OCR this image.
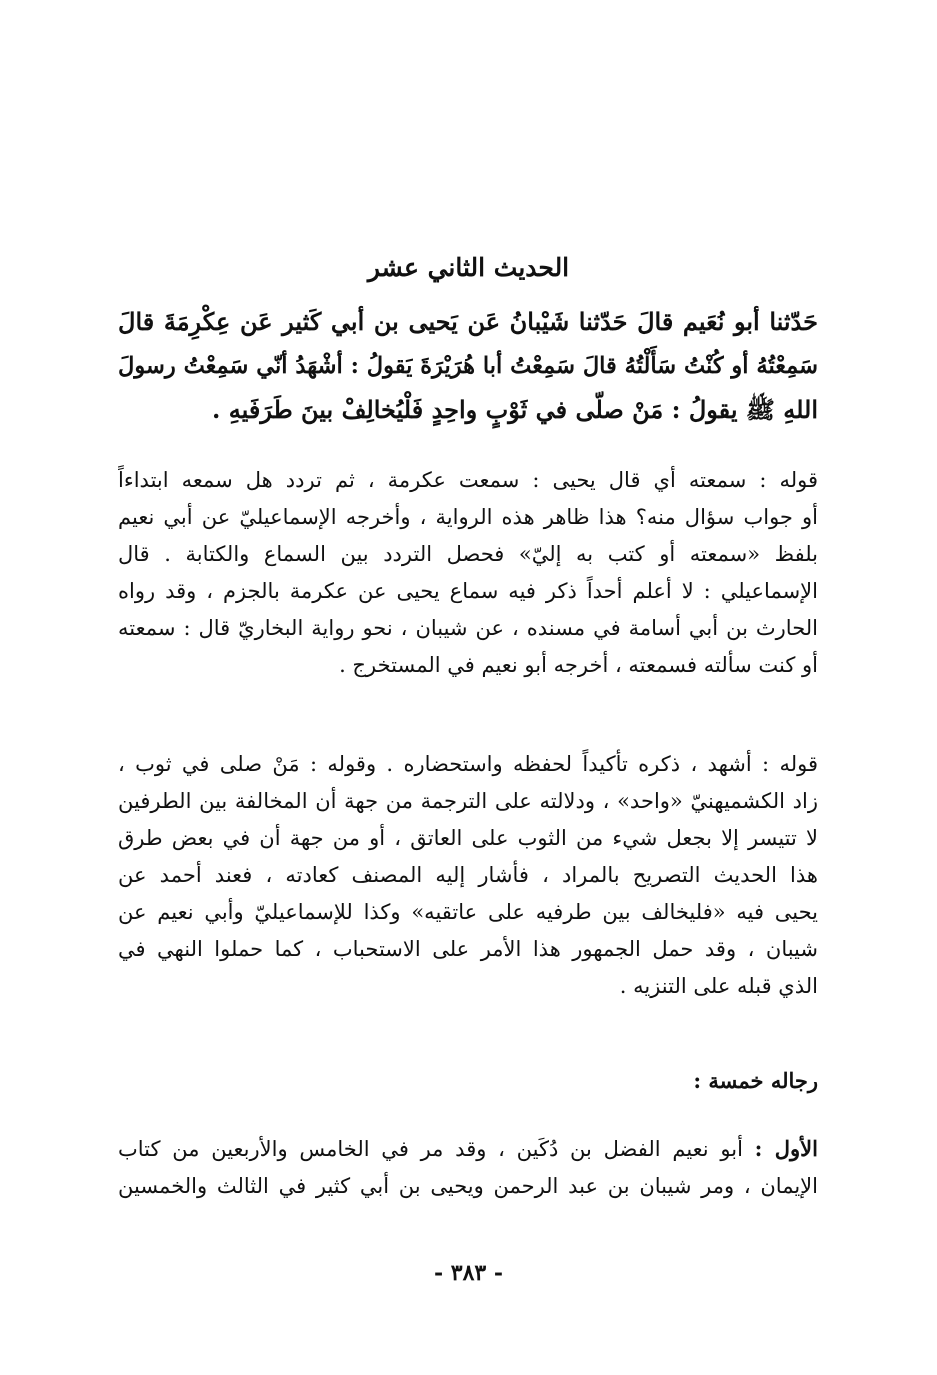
الحديث الثاني عشر
حَدّثنا أبو نُعَيم قالَ حَدّثنا شَيْبانُ عَن يَحيى بن أبي كَثير عَن عِكْرِمَةَ قالَ
سَمِعْتُهُ أو كُنْتُ سَأَلْتُهُ قالَ سَمِعْتُ أبا هُرَيْرَةَ يَقولُ : أشْهَدُ أنّي سَمِعْتُ رسولَ
اللهِ ﷺ يقولُ : مَنْ صلّى في ثَوْبٍ واحِدٍ فَلْيُخالِفْ بينَ طَرَفَيهِ .
قوله : سمعته أي قال يحيى : سمعت عكرمة ، ثم تردد هل سمعه ابتداءاً
أو جواب سؤال منه؟ هذا ظاهر هذه الرواية ، وأخرجه الإسماعيليّ عن أبي نعيم
بلفظ «سمعته أو كتب به إليّ» فحصل التردد بين السماع والكتابة . قال
الإسماعيلي : لا أعلم أحداً ذكر فيه سماع يحيى عن عكرمة بالجزم ، وقد رواه
الحارث بن أبي أسامة في مسنده ، عن شيبان ، نحو رواية البخاريّ قال : سمعته
أو كنت سألته فسمعته ، أخرجه أبو نعيم في المستخرج .
قوله : أشهد ، ذكره تأكيداً لحفظه واستحضاره . وقوله : مَنْ صلى في ثوب ،
زاد الكشميهنيّ «واحد» ، ودلالته على الترجمة من جهة أن المخالفة بين الطرفين
لا تتيسر إلا بجعل شيء من الثوب على العاتق ، أو من جهة أن في بعض طرق
هذا الحديث التصريح بالمراد ، فأشار إليه المصنف كعادته ، فعند أحمد عن
يحيى فيه «فليخالف بين طرفيه على عاتقيه» وكذا للإسماعيليّ وأبي نعيم عن
شيبان ، وقد حمل الجمهور هذا الأمر على الاستحباب ، كما حملوا النهي في
الذي قبله على التنزيه .
رجاله خمسة :
الأول : أبو نعيم الفضل بن دُكَين ، وقد مر في الخامس والأربعين من كتاب
الإيمان ، ومر شيبان بن عبد الرحمن ويحيى بن أبي كثير في الثالث والخمسين
- ٣٨٣ -
